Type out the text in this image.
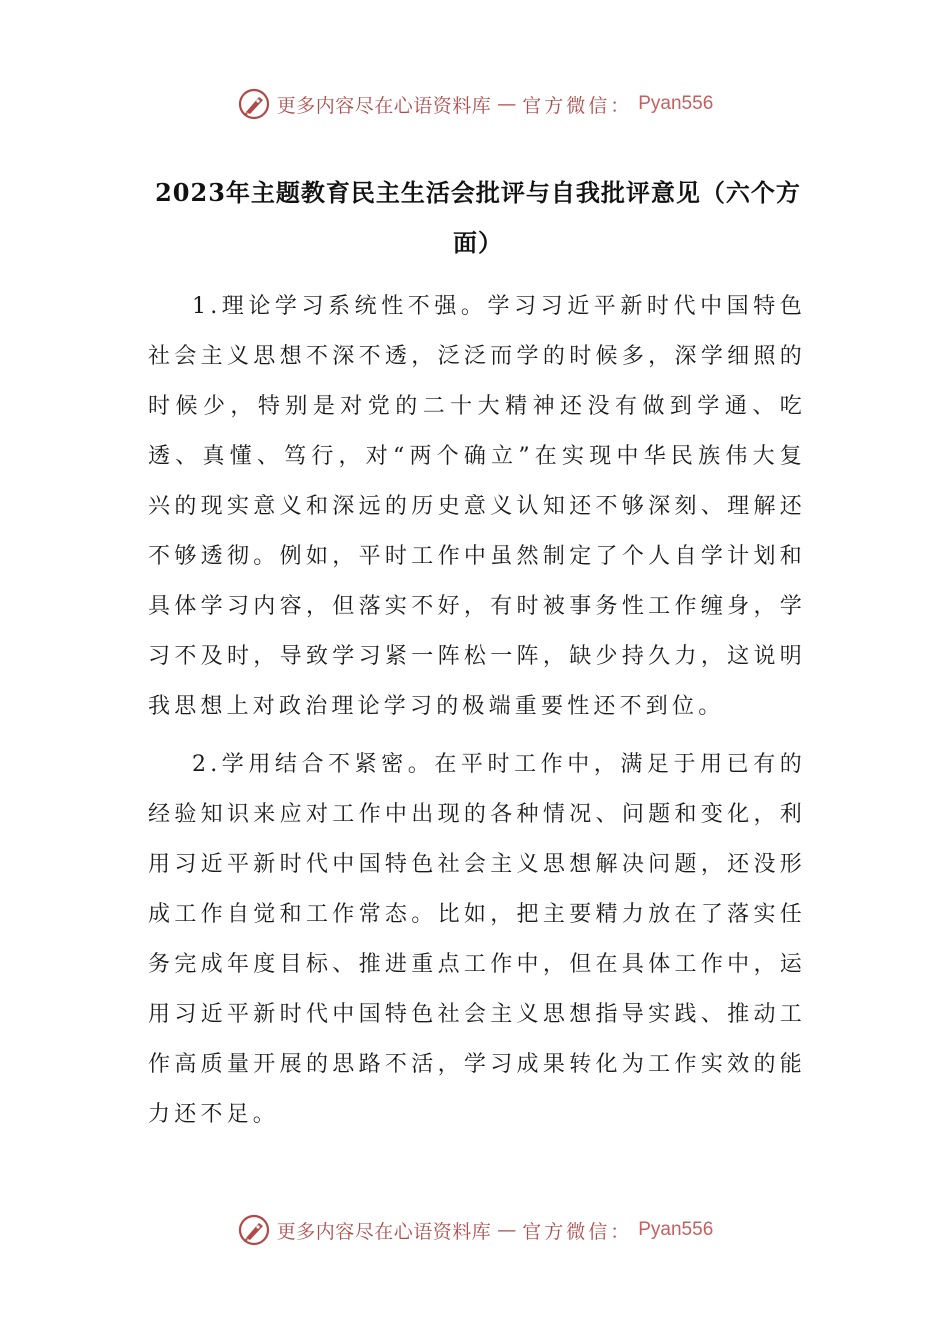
更多内容尽在心语资料库 — 官方微信： Pyan556
2023年主题教育民主生活会批评与自我批评意见（六个方面）

1.理论学习系统性不强。学习习近平新时代中国特色社会主义思想不深不透，泛泛而学的时候多，深学细照的时候少，特别是对党的二十大精神还没有做到学通、吃透、真懂、笃行，对“两个确立”在实现中华民族伟大复兴的现实意义和深远的历史意义认知还不够深刻、理解还不够透彻。例如，平时工作中虽然制定了个人自学计划和具体学习内容，但落实不好，有时被事务性工作缠身，学习不及时，导致学习紧一阵松一阵，缺少持久力，这说明我思想上对政治理论学习的极端重要性还不到位。

2.学用结合不紧密。在平时工作中，满足于用已有的经验知识来应对工作中出现的各种情况、问题和变化，利用习近平新时代中国特色社会主义思想解决问题，还没形成工作自觉和工作常态。比如，把主要精力放在了落实任务完成年度目标、推进重点工作中，但在具体工作中，运用习近平新时代中国特色社会主义思想指导实践、推动工作高质量开展的思路不活，学习成果转化为工作实效的能力还不足。

更多内容尽在心语资料库 — 官方微信： Pyan556
